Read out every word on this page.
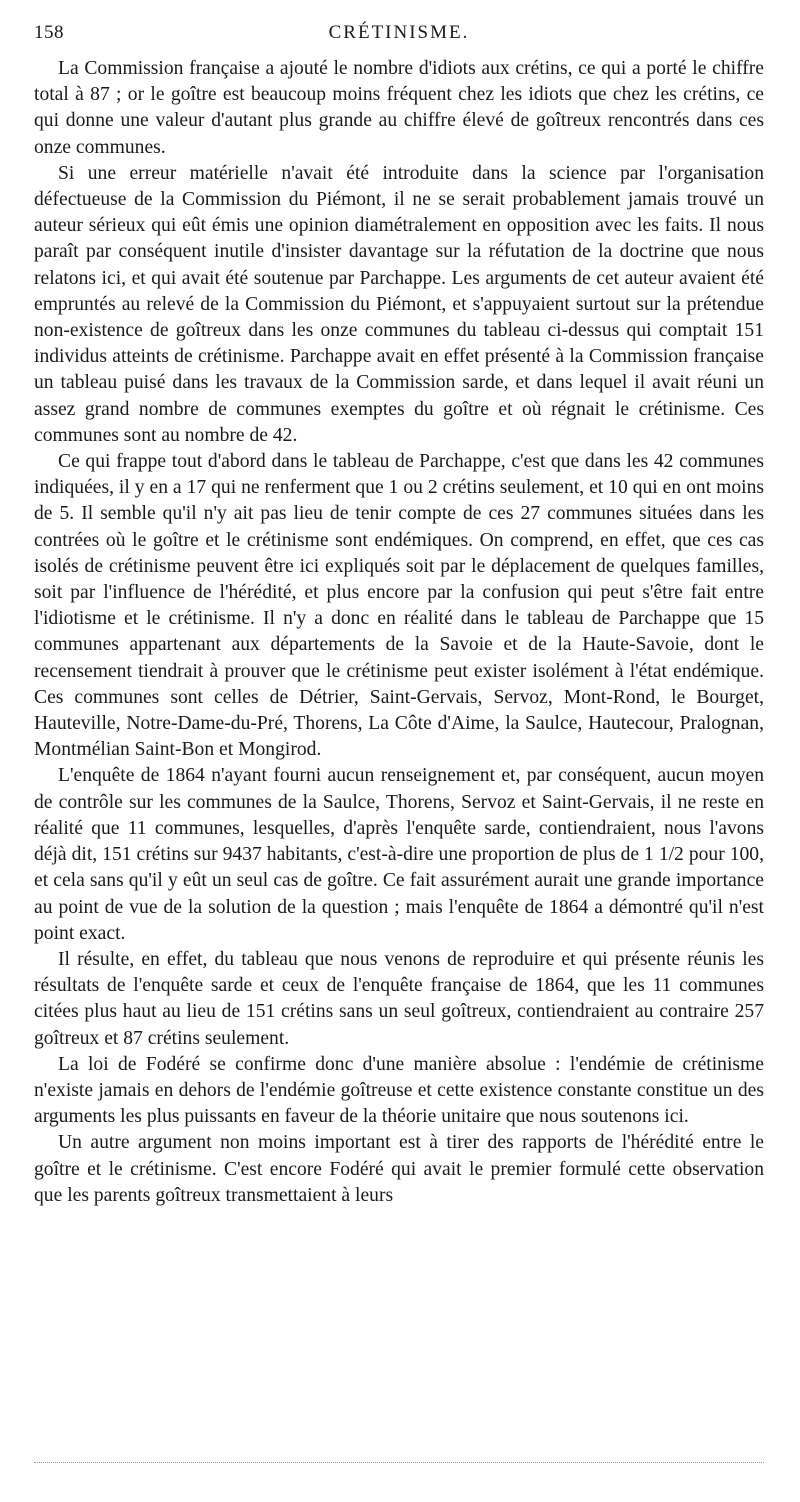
158	CRÉTINISME.

La Commission française a ajouté le nombre d'idiots aux crétins, ce qui a porté le chiffre total à 87 ; or le goître est beaucoup moins fréquent chez les idiots que chez les crétins, ce qui donne une valeur d'autant plus grande au chiffre élevé de goîtreux rencontrés dans ces onze communes.

Si une erreur matérielle n'avait été introduite dans la science par l'organisation défectueuse de la Commission du Piémont, il ne se serait probablement jamais trouvé un auteur sérieux qui eût émis une opinion diamétralement en opposition avec les faits. Il nous paraît par conséquent inutile d'insister davantage sur la réfutation de la doctrine que nous relatons ici, et qui avait été soutenue par Parchappe. Les arguments de cet auteur avaient été empruntés au relevé de la Commission du Piémont, et s'appuyaient surtout sur la prétendue non-existence de goîtreux dans les onze communes du tableau ci-dessus qui comptait 151 individus atteints de crétinisme. Parchappe avait en effet présenté à la Commission française un tableau puisé dans les travaux de la Commission sarde, et dans lequel il avait réuni un assez grand nombre de communes exemptes du goître et où régnait le crétinisme. Ces communes sont au nombre de 42.

Ce qui frappe tout d'abord dans le tableau de Parchappe, c'est que dans les 42 communes indiquées, il y en a 17 qui ne renferment que 1 ou 2 crétins seulement, et 10 qui en ont moins de 5. Il semble qu'il n'y ait pas lieu de tenir compte de ces 27 communes situées dans les contrées où le goître et le crétinisme sont endémiques. On comprend, en effet, que ces cas isolés de crétinisme peuvent être ici expliqués soit par le déplacement de quelques familles, soit par l'influence de l'hérédité, et plus encore par la confusion qui peut s'être fait entre l'idiotisme et le crétinisme. Il n'y a donc en réalité dans le tableau de Parchappe que 15 communes appartenant aux départements de la Savoie et de la Haute-Savoie, dont le recensement tiendrait à prouver que le crétinisme peut exister isolément à l'état endémique. Ces communes sont celles de Détrier, Saint-Gervais, Servoz, Mont-Rond, le Bourget, Hauteville, Notre-Dame-du-Pré, Thorens, La Côte d'Aime, la Saulce, Hautecour, Pralognan, Montmélian Saint-Bon et Mongirod.

L'enquête de 1864 n'ayant fourni aucun renseignement et, par conséquent, aucun moyen de contrôle sur les communes de la Saulce, Thorens, Servoz et Saint-Gervais, il ne reste en réalité que 11 communes, lesquelles, d'après l'enquête sarde, contiendraient, nous l'avons déjà dit, 151 crétins sur 9437 habitants, c'est-à-dire une proportion de plus de 1 1/2 pour 100, et cela sans qu'il y eût un seul cas de goître. Ce fait assurément aurait une grande importance au point de vue de la solution de la question ; mais l'enquête de 1864 a démontré qu'il n'est point exact.

Il résulte, en effet, du tableau que nous venons de reproduire et qui présente réunis les résultats de l'enquête sarde et ceux de l'enquête française de 1864, que les 11 communes citées plus haut au lieu de 151 crétins sans un seul goîtreux, contiendraient au contraire 257 goîtreux et 87 crétins seulement.

La loi de Fodéré se confirme donc d'une manière absolue : l'endémie de crétinisme n'existe jamais en dehors de l'endémie goîtreuse et cette existence constante constitue un des arguments les plus puissants en faveur de la théorie unitaire que nous soutenons ici.

Un autre argument non moins important est à tirer des rapports de l'hérédité entre le goître et le crétinisme. C'est encore Fodéré qui avait le premier formulé cette observation que les parents goîtreux transmettaient à leurs
